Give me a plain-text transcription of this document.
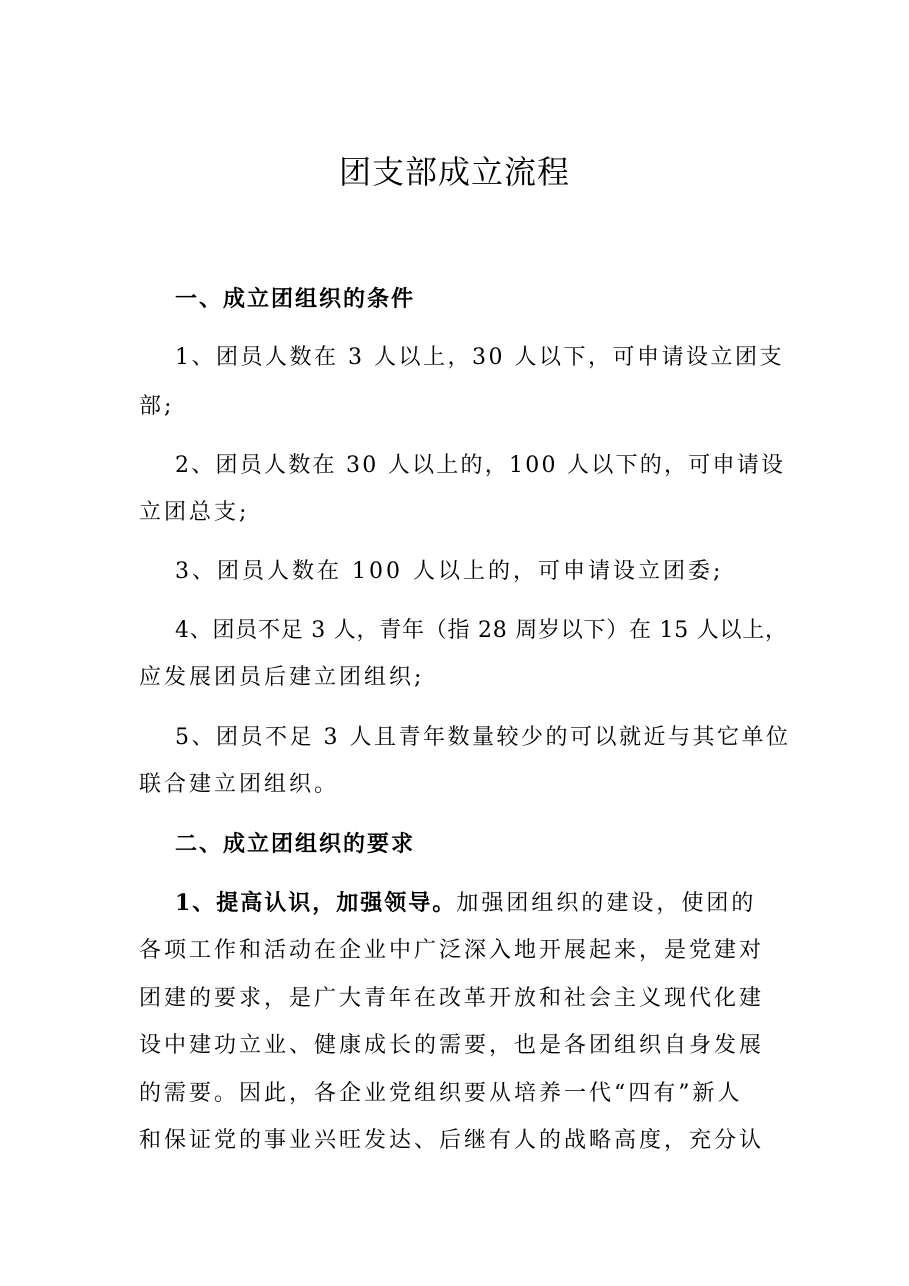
团支部成立流程
一、成立团组织的条件
1、团员人数在 3 人以上，30 人以下，可申请设立团支
部;
2、团员人数在 30 人以上的，100 人以下的，可申请设
立团总支;
3、团员人数在 100 人以上的，可申请设立团委;
4、团员不足 3 人，青年（指 28 周岁以下）在 15 人以上，
应发展团员后建立团组织;
5、团员不足 3 人且青年数量较少的可以就近与其它单位
联合建立团组织。
二、成立团组织的要求
1、提高认识，加强领导。加强团组织的建设，使团的
各项工作和活动在企业中广泛深入地开展起来，是党建对
团建的要求，是广大青年在改革开放和社会主义现代化建
设中建功立业、健康成长的需要，也是各团组织自身发展
的需要。因此，各企业党组织要从培养一代“四有”新人
和保证党的事业兴旺发达、后继有人的战略高度，充分认
